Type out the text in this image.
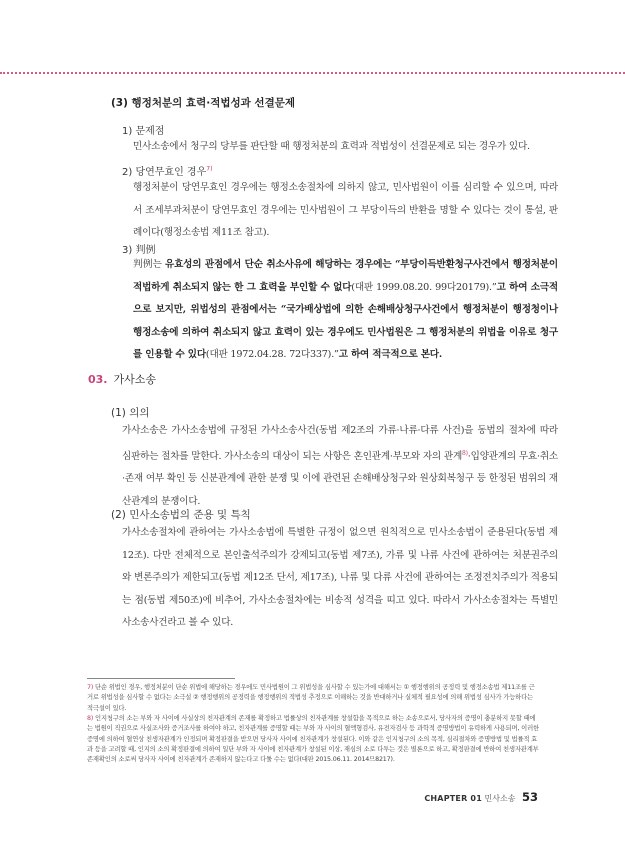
(3) 행정처분의 효력·적법성과 선결문제
1) 문제점
민사소송에서 청구의 당부를 판단할 때 행정처분의 효력과 적법성이 선결문제로 되는 경우가 있다.
2) 당연무효인 경우$^{7)}$
행정처분이 당연무효인 경우에는 행정소송절차에 의하지 않고, 민사법원이 이를 심리할 수 있으며, 따라서 조세부과처분이 당연무효인 경우에는 민사법원이 그 부당이득의 반환을 명할 수 있다는 것이 통설, 판례이다(행정소송법 제11조 참고).
3) 判例
判例는 유효성의 관점에서 단순 취소사유에 해당하는 경우에는 “부당이득반환청구사건에서 행정처분이 적법하게 취소되지 않는 한 그 효력을 부인할 수 없다(대판 1999.08.20. 99다20179).”고 하여 소극적으로 보지만, 위법성의 관점에서는 “국가배상법에 의한 손해배상청구사건에서 행정처분이 행정청이나 행정소송에 의하여 취소되지 않고 효력이 있는 경우에도 민사법원은 그 행정처분의 위법을 이유로 청구를 인용할 수 있다(대판 1972.04.28. 72다337).”고 하여 적극적으로 본다.
03. 가사소송
(1) 의의
가사소송은 가사소송법에 규정된 가사소송사건(동법 제2조의 가류·나류·다류 사건)을 동법의 절차에 따라 심판하는 절차를 말한다. 가사소송의 대상이 되는 사항은 혼인관계·부모와 자의 관계$^{8)}$·입양관계의 무효·취소·존재 여부 확인 등 신분관계에 관한 분쟁 및 이에 관련된 손해배상청구와 원상회복청구 등 한정된 범위의 재산관계의 분쟁이다.
(2) 민사소송법의 준용 및 특칙
가사소송절차에 관하여는 가사소송법에 특별한 규정이 없으면 원칙적으로 민사소송법이 준용된다(동법 제12조). 다만 전체적으로 본인출석주의가 강제되고(동법 제7조), 가류 및 나류 사건에 관하여는 처분권주의와 변론주의가 제한되고(동법 제12조 단서, 제17조), 나류 및 다류 사건에 관하여는 조정전치주의가 적용되는 점(동법 제50조)에 비추어, 가사소송절차에는 비송적 성격을 띠고 있다. 따라서 가사소송절차는 특별민사소송사건라고 볼 수 있다.
7) 단순 위법인 경우, 행정처분이 단순 위법에 해당하는 경우에도 민사법원이 그 위법성을 심사할 수 있는가에 대해서는 ① 행정행위의 공정력 및 행정소송법 제11조를 근거로 위법성을 심사할 수 없다는 소극설 ② 행정행위의 공정력을 행정행위의 적법성 추정으로 이해하는 것을 반대하거나 실체적 필요성에 의해 위법성 심사가 가능하다는 적극설이 있다.
8) 인지청구의 소는 부와 자 사이에 사실상의 친자관계의 존재를 확정하고 법률상의 친자관계를 창설함을 목적으로 하는 소송으로서, 당사자의 증명이 충분하지 못할 때에는 법원이 직권으로 사실조사와 증거조사를 하여야 하고, 친자관계를 증명할 때는 부와 자 사이의 혈액형검사, 유전자검사 등 과학적 증명방법이 유력하게 사용되며, 이러한 증명에 의하여 혈연상 친생자관계가 인정되며 확정판결을 받으면 당사자 사이에 친자관계가 창설된다. 이와 같은 인지청구의 소의 목적, 심리절차와 증명방법 및 법률적 효과 등을 고려할 때, 인지의 소의 확정판결에 의하여 일단 부와 자 사이에 친자관계가 창설된 이상, 재심의 소로 다투는 것은 별론으로 하고, 확정판결에 반하여 친생자관계부존재확인의 소로써 당사자 사이에 친자관계가 존재하지 않는다고 다툴 수는 없다(대판 2015.06.11. 2014므8217).
CHAPTER 01 민사소송 53
